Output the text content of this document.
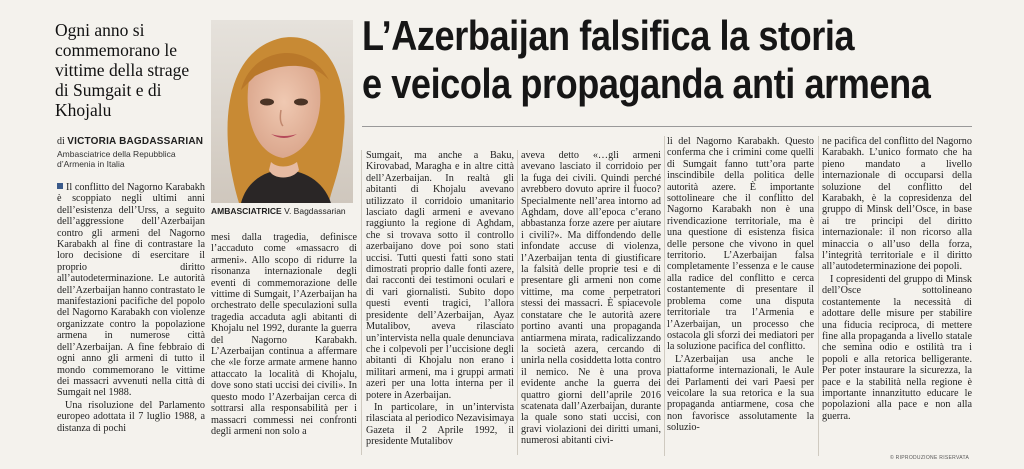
Ogni anno si commemorano le vittime della strage di Sumgait e di Khojalu
AMBASCIATRICE V. Bagdassarian
L’Azerbaijan falsifica la storia
e veicola propaganda anti armena
di VICTORIA BAGDASSARIAN
Ambasciatrice della Repubblica d’Armenia in Italia

Il conflitto del Nagorno Karabakh è scoppiato negli ultimi anni dell’esistenza dell’Urss, a seguito dell’aggressione dell’Azerbaijan contro gli armeni del Nagorno Karabakh al fine di contrastare la loro decisione di esercitare il proprio diritto all’autodeterminazione. Le autorità dell’Azerbaijan hanno contrastato le manifestazioni pacifiche del popolo del Nagorno Karabakh con violenze organizzate contro la popolazione armena in numerose città dell’Azerbaijan. A fine febbraio di ogni anno gli armeni di tutto il mondo commemorano le vittime dei massacri avvenuti nella città di Sumgait nel 1988.

Una risoluzione del Parlamento europeo adottata il 7 luglio 1988, a distanza di pochi

mesi dalla tragedia, definisce l’accaduto come «massacro di armeni». Allo scopo di ridurre la risonanza internazionale degli eventi di commemorazione delle vittime di Sumgait, l’Azerbaijan ha orchestrato delle speculazioni sulla tragedia accaduta agli abitanti di Khojalu nel 1992, durante la guerra del Nagorno Karabakh. L’Azerbaijan continua a affermare che «le forze armate armene hanno attaccato la località di Khojalu, dove sono stati uccisi dei civili». In questo modo l’Azerbaijan cerca di sottrarsi alla responsabilità per i massacri commessi nei confronti degli armeni non solo a

Sumgait, ma anche a Baku, Kirovabad, Maragha e in altre città dell’Azerbaijan. In realtà gli abitanti di Khojalu avevano utilizzato il corridoio umanitario lasciato dagli armeni e avevano raggiunto la regione di Aghdam, che si trovava sotto il controllo azerbaijano dove poi sono stati uccisi. Tutti questi fatti sono stati dimostrati proprio dalle fonti azere, dai racconti dei testimoni oculari e di vari giornalisti. Subito dopo questi eventi tragici, l’allora presidente dell’Azerbaijan, Ayaz Mutalibov, aveva rilasciato un’intervista nella quale denunciava che i colpevoli per l’uccisione degli abitanti di Khojalu non erano i militari armeni, ma i gruppi armati azeri per una lotta interna per il potere in Azerbaijan.

In particolare, in un’intervista rilasciata al periodico Nezavisimaya Gazeta il 2 Aprile 1992, il presidente Mutalibov

aveva detto «…gli armeni avevano lasciato il corridoio per la fuga dei civili. Quindi perché avrebbero dovuto aprire il fuoco? Specialmente nell’area intorno ad Aghdam, dove all’epoca c’erano abbastanza forze azere per aiutare i civili?». Ma diffondendo delle infondate accuse di violenza, l’Azerbaijan tenta di giustificare la falsità delle proprie tesi e di presentare gli armeni non come vittime, ma come perpetratori stessi dei massacri. È spiacevole constatare che le autorità azere portino avanti una propaganda antiarmena mirata, radicalizzando la società azera, cercando di unirla nella cosiddetta lotta contro il nemico. Ne è una prova evidente anche la guerra dei quattro giorni dell’aprile 2016 scatenata dall’Azerbaijan, durante la quale sono stati uccisi, con gravi violazioni dei diritti umani, numerosi abitanti civi-

li del Nagorno Karabakh. Questo conferma che i crimini come quelli di Sumgait fanno tutt’ora parte inscindibile della politica delle autorità azere. È importante sottolineare che il conflitto del Nagorno Karabakh non è una rivendicazione territoriale, ma è una questione di esistenza fisica delle persone che vivono in quel territorio. L’Azerbaijan falsa completamente l’essenza e le cause alla radice del conflitto e cerca costantemente di presentare il problema come una disputa territoriale tra l’Armenia e l’Azerbaijan, un processo che ostacola gli sforzi dei mediatori per la soluzione pacifica del conflitto.

L’Azerbaijan usa anche le piattaforme internazionali, le Aule dei Parlamenti dei vari Paesi per veicolare la sua retorica e la sua propaganda antiarmene, cosa che non favorisce assolutamente la soluzio-

ne pacifica del conflitto del Nagorno Karabakh. L’unico formato che ha pieno mandato a livello internazionale di occuparsi della soluzione del conflitto del Karabakh, è la copresidenza del gruppo di Minsk dell’Osce, in base ai tre principi del diritto internazionale: il non ricorso alla minaccia o all’uso della forza, l’integrità territoriale e il diritto all’autodeterminazione dei popoli.

I copresidenti del gruppo di Minsk dell’Osce sottolineano costantemente la necessità di adottare delle misure per stabilire una fiducia reciproca, di mettere fine alla propaganda a livello statale che semina odio e ostilità tra i popoli e alla retorica belligerante. Per poter instaurare la sicurezza, la pace e la stabilità nella regione è importante innanzitutto educare le popolazioni alla pace e non alla guerra.

© RIPRODUZIONE RISERVATA
